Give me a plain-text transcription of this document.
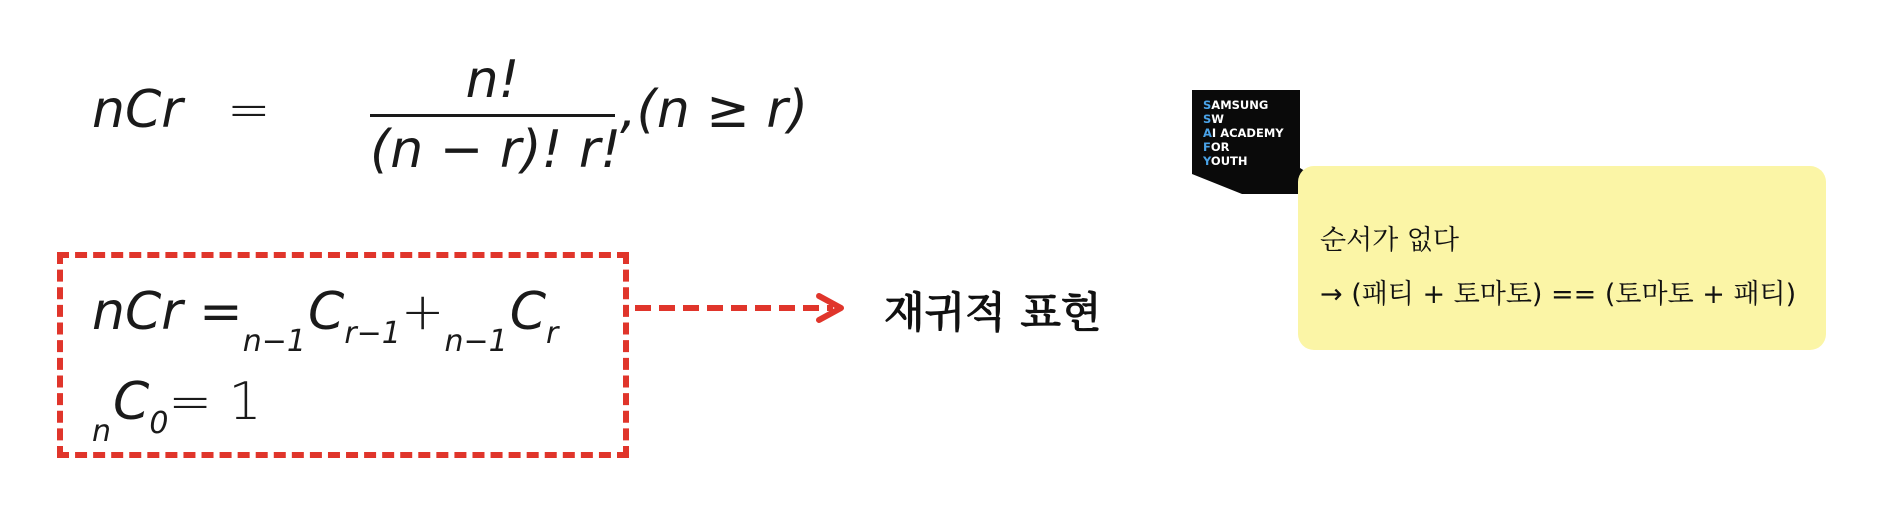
nCr =	n!
(n − r)! r!
,(n ≥ r)
nCr $=_{n-1}C_{r-1}+_{n-1}C_r$
$_nC_0= 1$
재귀적 표현
SAMSUNG
SW
AI ACADEMY
FOR
YOUTH
순서가 없다
→ (패티 + 토마토) == (토마토 + 패티)
